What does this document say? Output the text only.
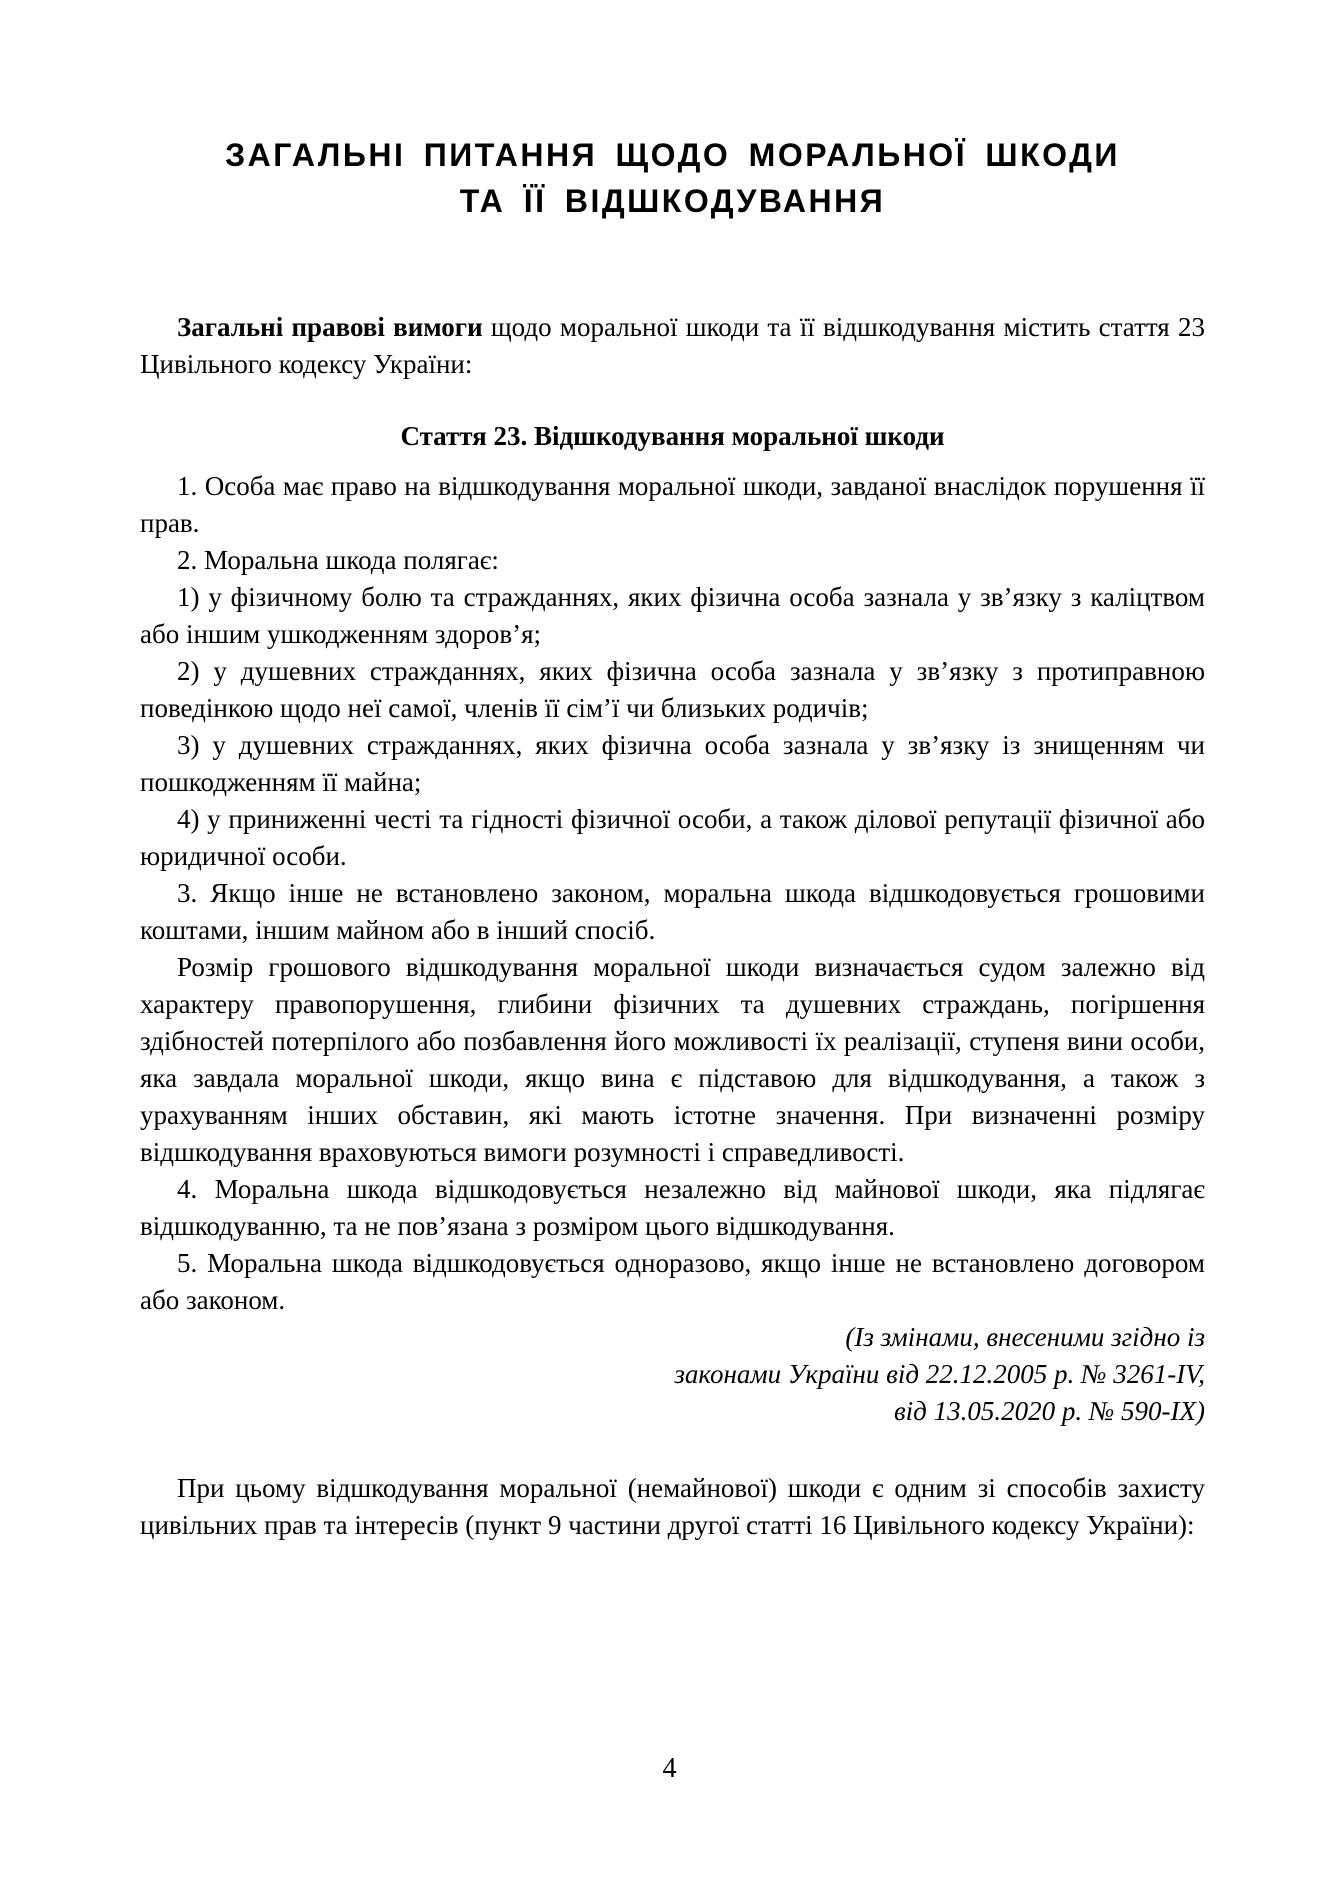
ЗАГАЛЬНІ ПИТАННЯ ЩОДО МОРАЛЬНОЇ ШКОДИ
ТА ЇЇ ВІДШКОДУВАННЯ

Загальні правові вимоги щодо моральної шкоди та її відшкодування містить стаття 23 Цивільного кодексу України:

Стаття 23. Відшкодування моральної шкоди

1. Особа має право на відшкодування моральної шкоди, завданої внаслідок порушення її прав.

2. Моральна шкода полягає:

1) у фізичному болю та стражданнях, яких фізична особа зазнала у зв’язку з каліцтвом або іншим ушкодженням здоров’я;

2) у душевних стражданнях, яких фізична особа зазнала у зв’язку з протиправною поведінкою щодо неї самої, членів її сім’ї чи близьких родичів;

3) у душевних стражданнях, яких фізична особа зазнала у зв’язку із знищенням чи пошкодженням її майна;

4) у приниженні честі та гідності фізичної особи, а також ділової репутації фізичної або юридичної особи.

3. Якщо інше не встановлено законом, моральна шкода відшкодовується грошовими коштами, іншим майном або в інший спосіб.

Розмір грошового відшкодування моральної шкоди визначається судом залежно від характеру правопорушення, глибини фізичних та душевних страждань, погіршення здібностей потерпілого або позбавлення його можливості їх реалізації, ступеня вини особи, яка завдала моральної шкоди, якщо вина є підставою для відшкодування, а також з урахуванням інших обставин, які мають істотне значення. При визначенні розміру відшкодування враховуються вимоги розумності і справедливості.

4. Моральна шкода відшкодовується незалежно від майнової шкоди, яка підлягає відшкодуванню, та не пов’язана з розміром цього відшкодування.

5. Моральна шкода відшкодовується одноразово, якщо інше не встановлено договором або законом.

(Із змінами, внесеними згідно із

законами України від 22.12.2005 р. № 3261-IV,

від 13.05.2020 р. № 590-IX)

При цьому відшкодування моральної (немайнової) шкоди є одним зі способів захисту цивільних прав та інтересів (пункт 9 частини другої статті 16 Цивільного кодексу України):

4
